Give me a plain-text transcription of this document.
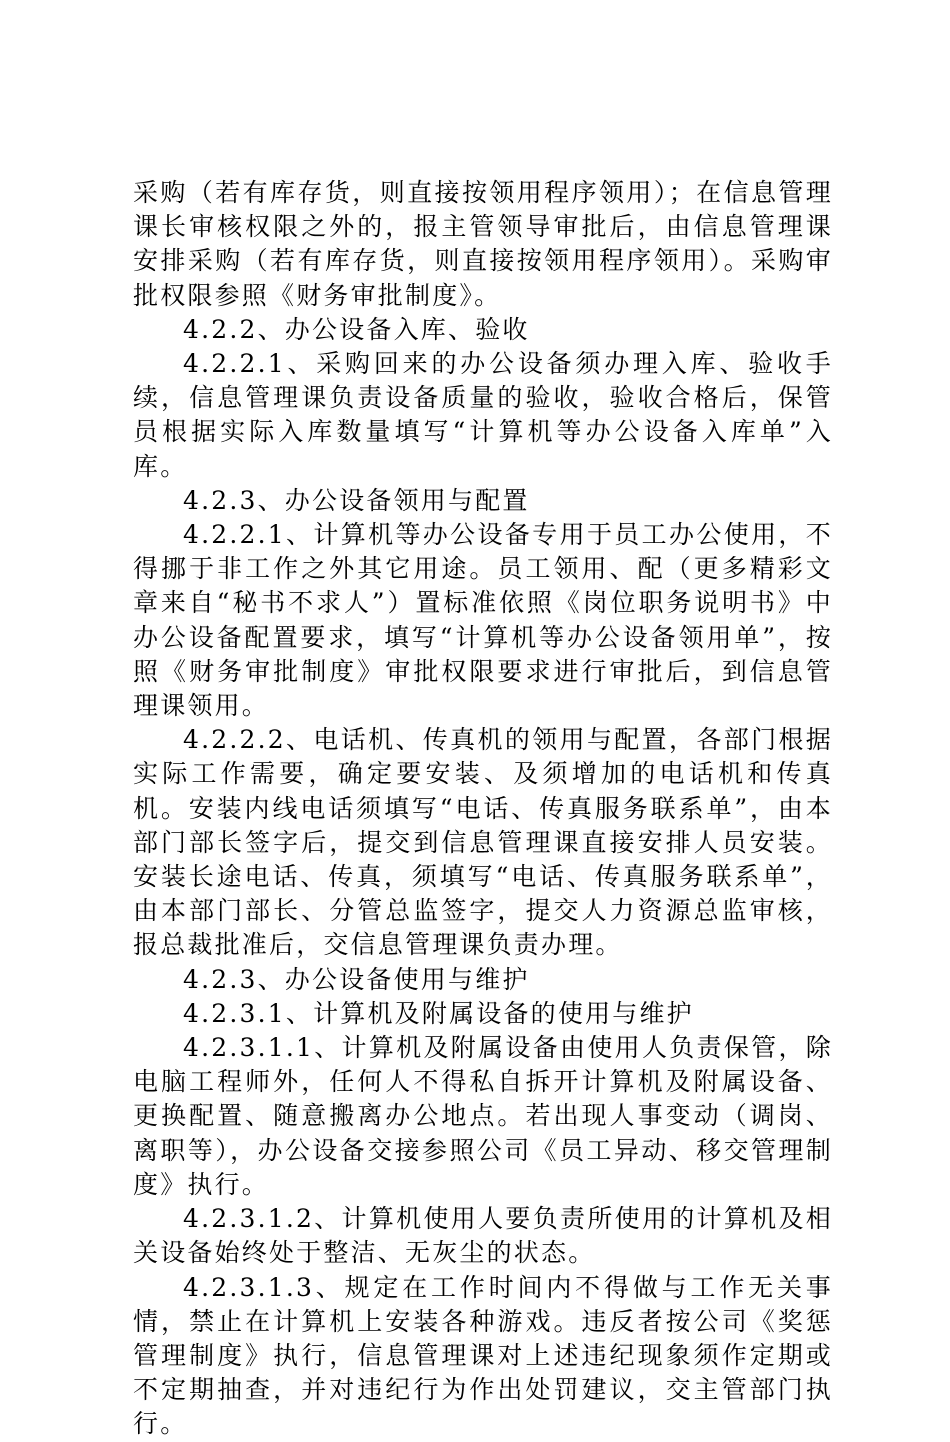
采购（若有库存货，则直接按领用程序领用）；在信息管理课长审核权限之外的，报主管领导审批后，由信息管理课安排采购（若有库存货，则直接按领用程序领用）。采购审批权限参照《财务审批制度》。

4.2.2、办公设备入库、验收

4.2.2.1、采购回来的办公设备须办理入库、验收手续，信息管理课负责设备质量的验收，验收合格后，保管员根据实际入库数量填写“计算机等办公设备入库单”入库。

4.2.3、办公设备领用与配置

4.2.2.1、计算机等办公设备专用于员工办公使用，不得挪于非工作之外其它用途。员工领用、配（更多精彩文章来自“秘书不求人”）置标准依照《岗位职务说明书》中办公设备配置要求，填写“计算机等办公设备领用单”，按照《财务审批制度》审批权限要求进行审批后，到信息管理课领用。

4.2.2.2、电话机、传真机的领用与配置，各部门根据实际工作需要，确定要安装、及须增加的电话机和传真机。安装内线电话须填写“电话、传真服务联系单”，由本部门部长签字后，提交到信息管理课直接安排人员安装。安装长途电话、传真，须填写“电话、传真服务联系单”，由本部门部长、分管总监签字，提交人力资源总监审核，报总裁批准后，交信息管理课负责办理。

4.2.3、办公设备使用与维护

4.2.3.1、计算机及附属设备的使用与维护

4.2.3.1.1、计算机及附属设备由使用人负责保管，除电脑工程师外，任何人不得私自拆开计算机及附属设备、更换配置、随意搬离办公地点。若出现人事变动（调岗、离职等），办公设备交接参照公司《员工异动、移交管理制度》执行。

4.2.3.1.2、计算机使用人要负责所使用的计算机及相关设备始终处于整洁、无灰尘的状态。

4.2.3.1.3、规定在工作时间内不得做与工作无关事情，禁止在计算机上安装各种游戏。违反者按公司《奖惩管理制度》执行，信息管理课对上述违纪现象须作定期或不定期抽查，并对违纪行为作出处罚建议，交主管部门执行。
